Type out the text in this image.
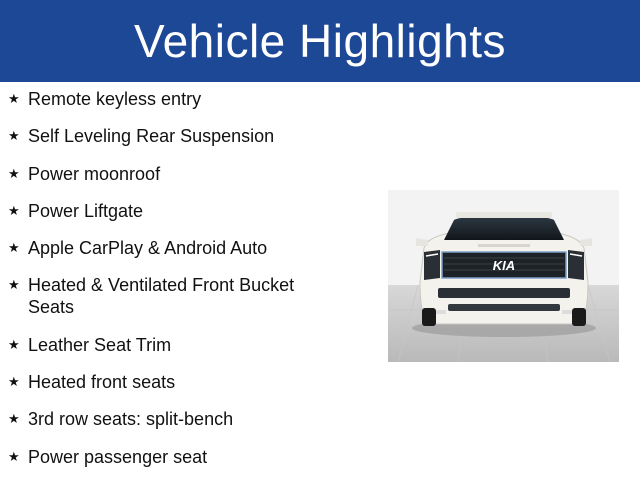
Vehicle Highlights
★ Remote keyless entry
★ Self Leveling Rear Suspension
★ Power moonroof
★ Power Liftgate
★ Apple CarPlay & Android Auto
★ Heated & Ventilated Front Bucket Seats
★ Leather Seat Trim
★ Heated front seats
★ 3rd row seats: split-bench
★ Power passenger seat
KIA
